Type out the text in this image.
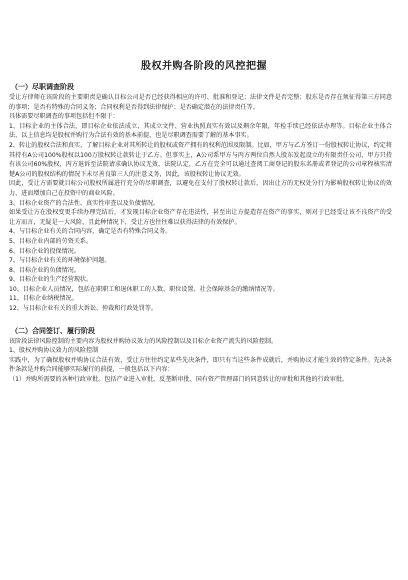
股权并购各阶段的风控把握
（一）尽职调查阶段

受让方律师在该阶段的主要职责是确认目标公司是否已经获得相应的许可、批准和登记；法律文件是否完整；股东是否存在须征得第三方同意的事项；是否有特殊的合同义务；合同权利是否得到法律保护；是否确定潜在的法律责任等。

具体需要尽职调查的事项包括但不限于：

1、目标企业的主体合法，即目标企业依法成立，其成立文件、营业执照真实有效以及剩余年限，年检手续已经依法办理等。目标企业主体合法，以上信息均是股权并购行为合法有效的基本前提，也是尽职调查需要了解的基本事实。

2、转让的股权合法和真实，了解目标企业对其所转让的股权或资产拥有的权利范围及限制。比如，甲方与乙方签订一份股权转让协议，约定将其持有A公司100%股权以100万股权转让款转让于乙方。但事实上，A公司系甲方与丙方两位自然人股东发起设立的有限责任公司，甲方只持有该公司60%股权，丙方退诉至法院请求确认协议无效，法院认定，乙方在完全可以通过查阅工商登记的股东名册或者登记的公司章程核实清楚A公司的股权结构的情况下未尽善良第三人的注意义务，因此，该股权转让协议无效。

因此，受让方需要就目标公司股权所属进行充分的尽职调查，以避免在支付了股权转让款后，因出让方的无权处分行为影响股权转让协议的效力，进而增加自己在投资中的商业风险。

3、目标企业资产的合法性、真实性审查以及负债情况。

如果受让方在股权变更手续办理完结后，才发现目标企业资产存在违法性，甚至出让方提造存在资产的事实，则对于已经受让该不良资产的受让方而言，无疑是一大风险，且此种情况下，受让方也往往难以获得法律的有效保护。

4、与目标企业有关的合同内容，确定是否有特殊合同义务。

5、目标企业内部的劳资关系。

6、目标企业的投保情况。

7、与目标企业有关的环境保护问题。

8、目标企业的负债情况。

9、目标企业的生产经营现状。

10、目标企业人员情况，包括在职职工和退休职工的人数、职位设置、社会保障基金的缴纳情况等。

11、目标企业纳税情况。

12、与目标企业有关的重大诉讼、仲裁和行政处罚等。

（二）合同签订、履行阶段

该阶段法律风险控制的主要内容为股权并购协议效力的风险控制以及目标企业资产流失的风险控制。

1、股权并购协议效力的风险控制

实践中，为了确保股权并购协议合法有效，受让方往往约定某些先决条件，即只有当这些条件成就后，并购协议才能生效的特定条件。先决条件条款是并购合同能够实际履行的前提，一般包括以下内容：

（1）并购所需要的各种行政审批。包括产业进入审批、反垄断审批、国有资产管理部门的同意转让的审批和其他的行政审批。
